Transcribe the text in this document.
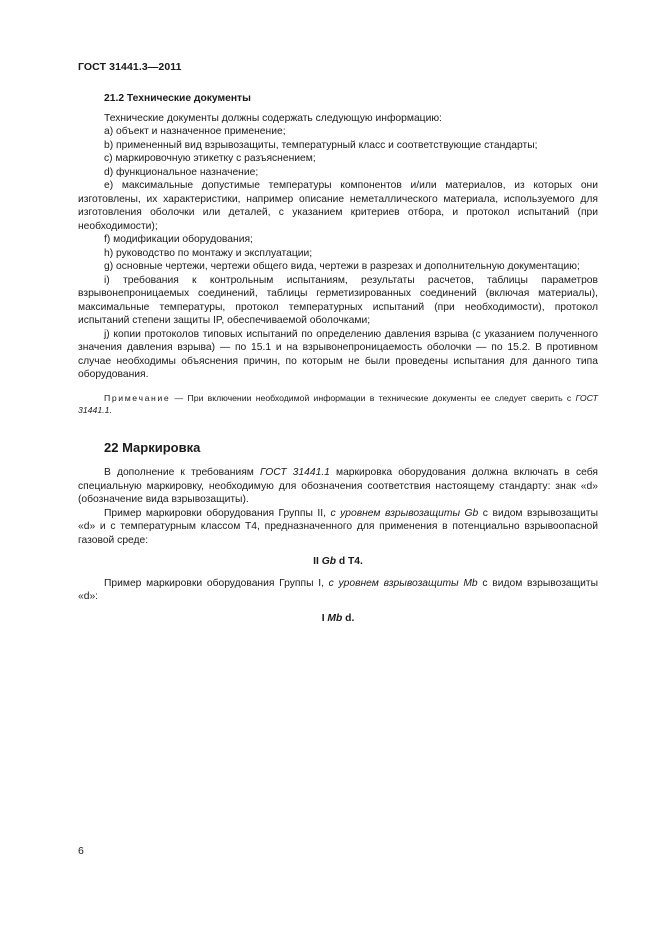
ГОСТ 31441.3—2011

21.2 Технические документы

Технические документы должны содержать следующую информацию:

a) объект и назначенное применение;

b) примененный вид взрывозащиты, температурный класс и соответствующие стандарты;

c) маркировочную этикетку с разъяснением;

d) функциональное назначение;

e) максимальные допустимые температуры компонентов и/или материалов, из которых они изготовлены, их характеристики, например описание неметаллического материала, используемого для изготовления оболочки или деталей, с указанием критериев отбора, и протокол испытаний (при необходимости);

f) модификации оборудования;

h) руководство по монтажу и эксплуатации;

g) основные чертежи, чертежи общего вида, чертежи в разрезах и дополнительную документацию;

i) требования к контрольным испытаниям, результаты расчетов, таблицы параметров взрывонепроницаемых соединений, таблицы герметизированных соединений (включая материалы), максимальные температуры, протокол температурных испытаний (при необходимости), протокол испытаний степени защиты IP, обеспечиваемой оболочками;

j) копии протоколов типовых испытаний по определению давления взрыва (с указанием полученного значения давления взрыва) — по 15.1 и на взрывонепроницаемость оболочки — по 15.2. В противном случае необходимы объяснения причин, по которым не были проведены испытания для данного типа оборудования.

Примечание — При включении необходимой информации в технические документы ее следует сверить с ГОСТ 31441.1.

22 Маркировка

В дополнение к требованиям ГОСТ 31441.1 маркировка оборудования должна включать в себя специальную маркировку, необходимую для обозначения соответствия настоящему стандарту: знак «d» (обозначение вида взрывозащиты).

Пример маркировки оборудования Группы II, с уровнем взрывозащиты Gb с видом взрывозащиты «d» и с температурным классом T4, предназначенного для применения в потенциально взрывоопасной газовой среде:

II Gb d T4.

Пример маркировки оборудования Группы I, с уровнем взрывозащиты Mb с видом взрывозащиты «d»:

I Mb d.

6
